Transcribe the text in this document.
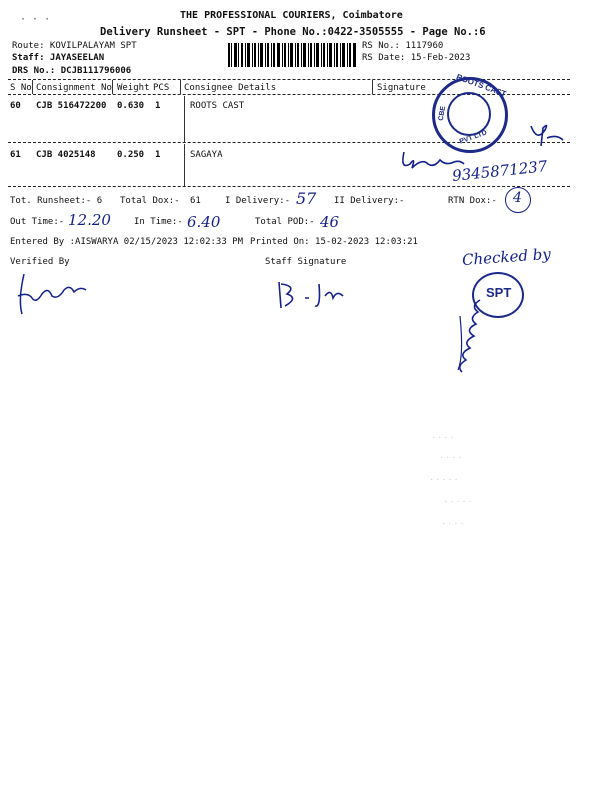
THE PROFESSIONAL COURIERS, Coimbatore
Delivery Runsheet - SPT - Phone No.:0422-3505555 - Page No.:6
· · ·
Route: KOVILPALAYAM SPT
Staff: JAYASEELAN
DRS No.: DCJB111796006
RS No.: 1117960
RS Date: 15-Feb-2023
S No Consignment No Weight PCS Consignee Details	Signature
60 CJB 516472200 0.630 1	ROOTS CAST
61 CJB 4025148 0.250 1	SAGAYA
ROOTS CAST
PVT LTD
CBE
9345871237
Tot. Runsheet:- 6 Total Dox:- 61	I Delivery:- 57 II Delivery:-	RTN Dox:- 4
Out Time:- 12.20	In Time:- 6.40	Total POD:- 46
Entered By :AISWARYA 02/15/2023 12:02:33 PM Printed On: 15-02-2023 12:03:21
Verified By	Staff Signature	Checked by
SPT
· · · ·
· · · ·
· · · · ·
· · · · ·
· · · ·
